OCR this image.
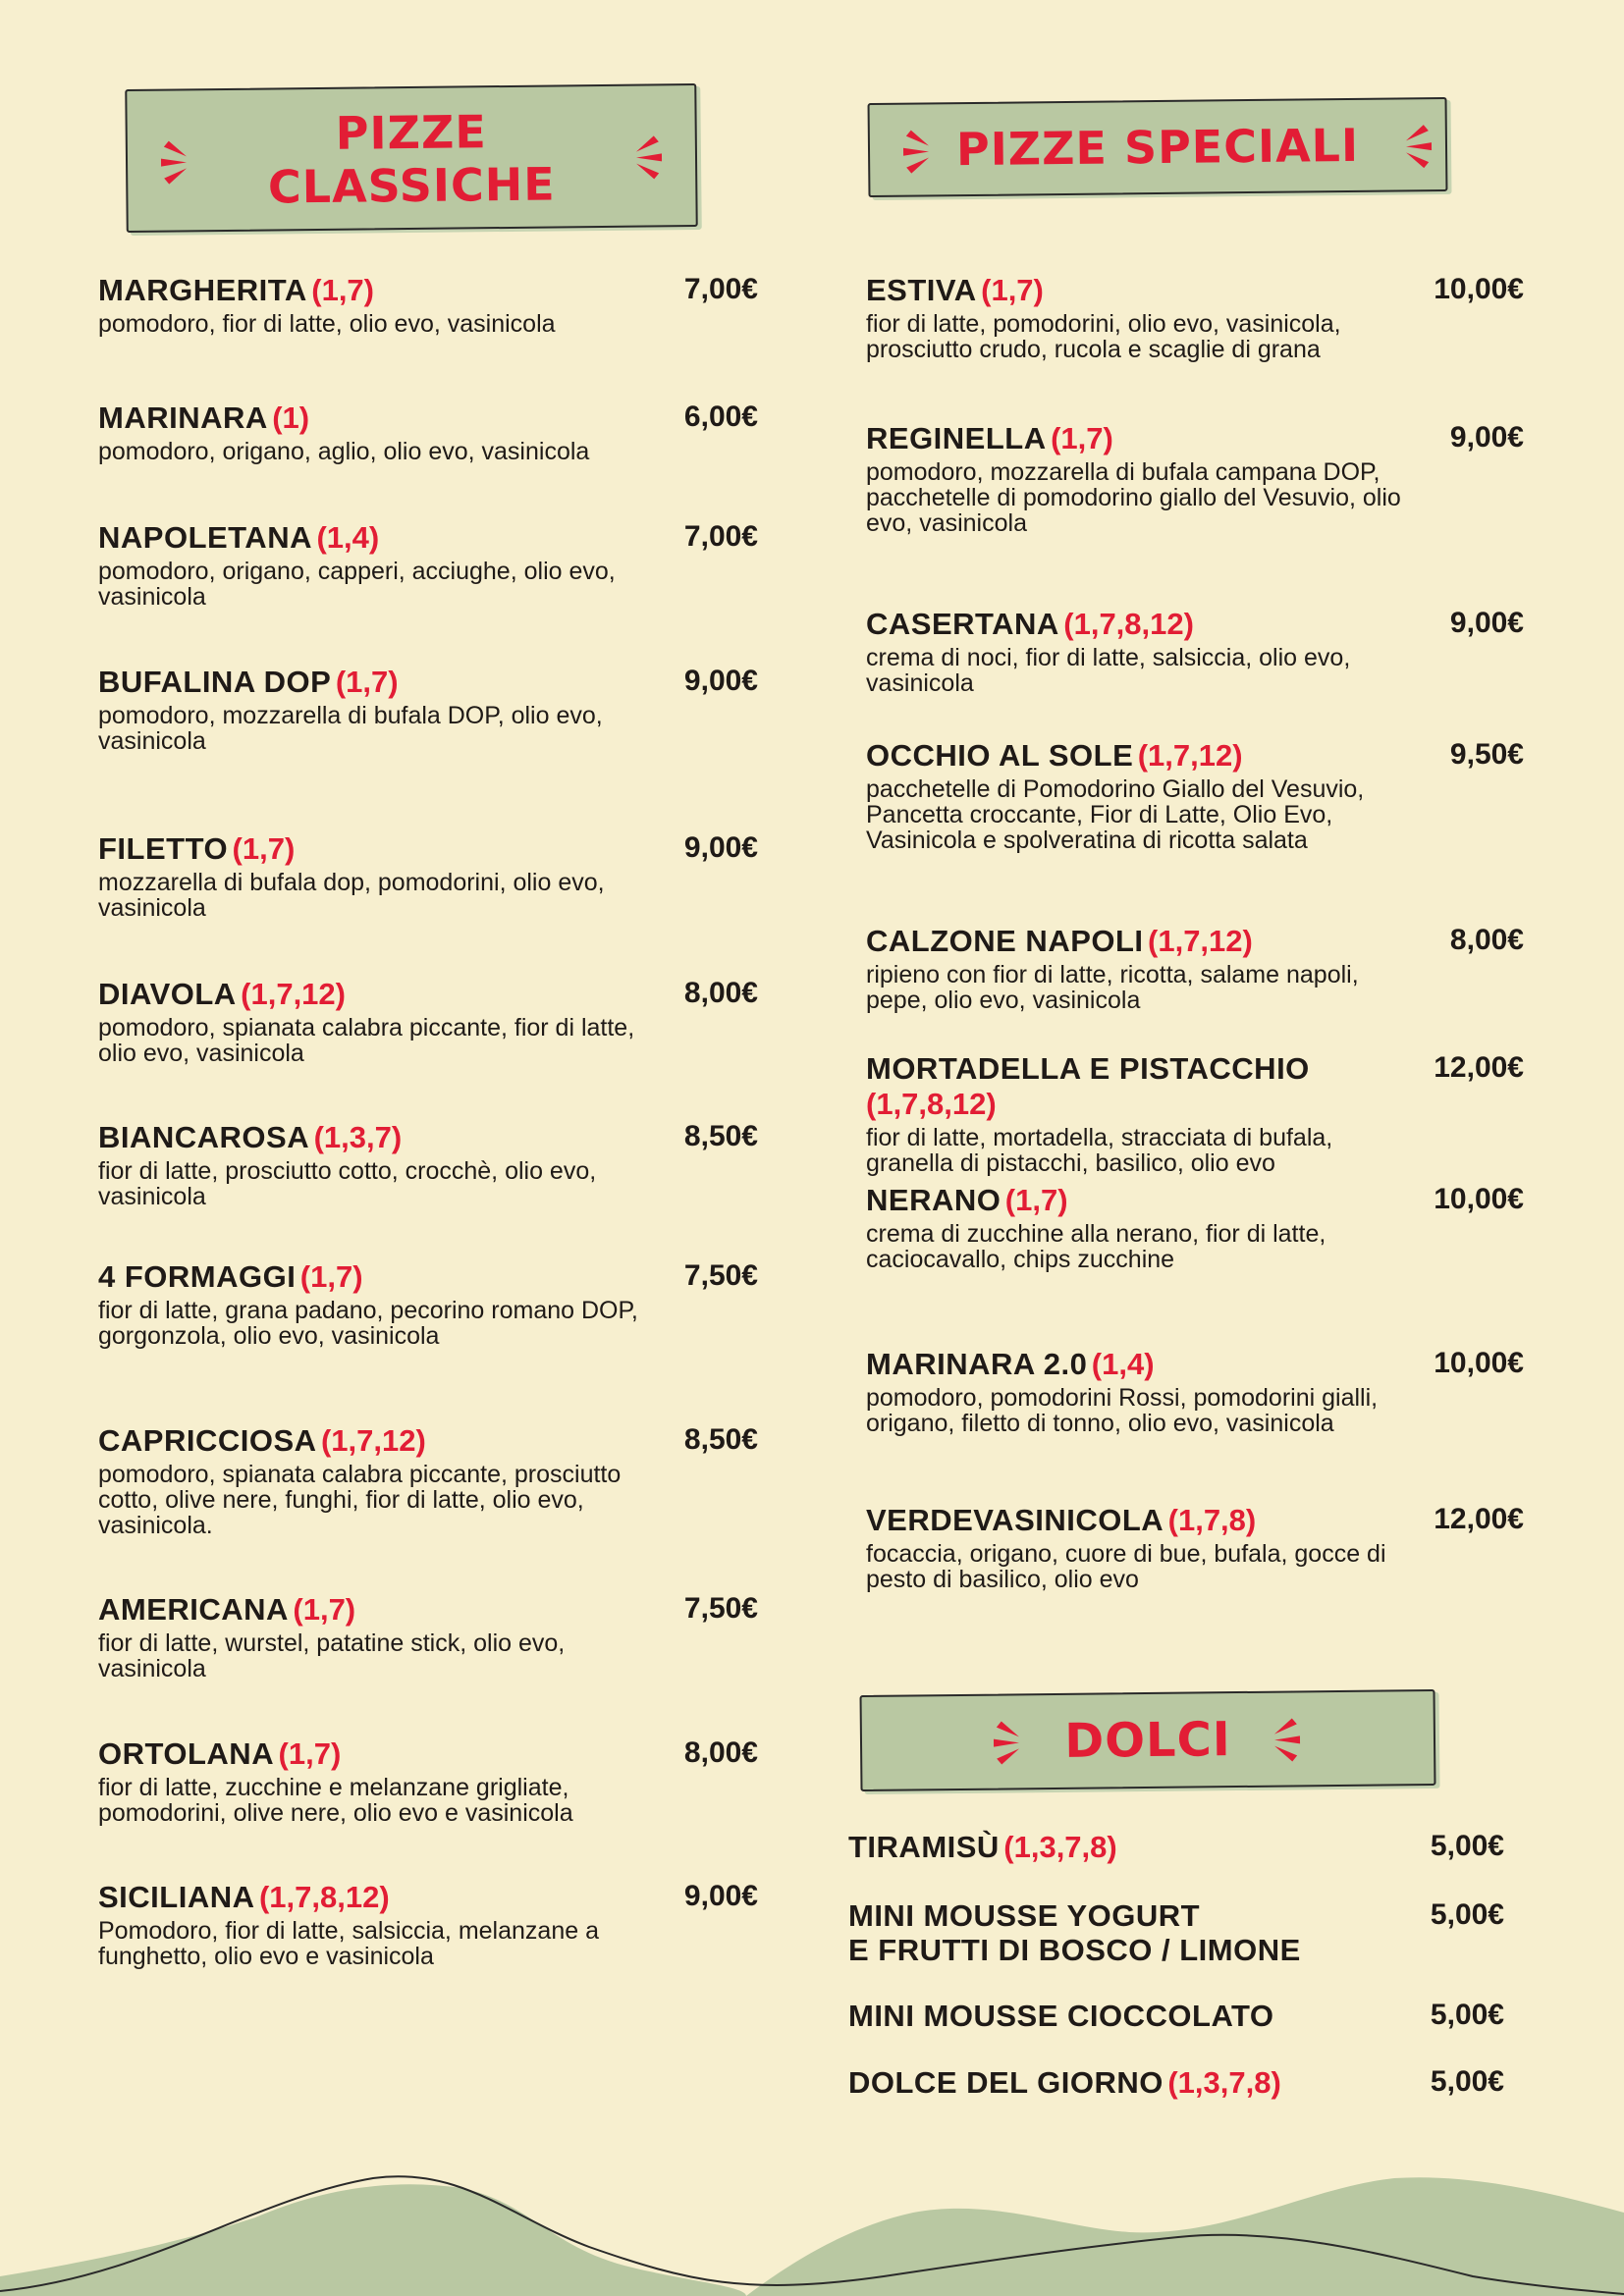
PIZZE
CLASSICHE
MARGHERITA (1,7)
pomodoro, fior di latte, olio evo, vasinicola
7,00€
MARINARA (1)
pomodoro, origano, aglio, olio evo, vasinicola
6,00€
NAPOLETANA (1,4)
pomodoro, origano, capperi, acciughe, olio evo, vasinicola
7,00€
BUFALINA DOP (1,7)
pomodoro, mozzarella di bufala DOP, olio evo, vasinicola
9,00€
FILETTO (1,7)
mozzarella di bufala dop, pomodorini, olio evo, vasinicola
9,00€
DIAVOLA (1,7,12)
pomodoro, spianata calabra piccante, fior di latte, olio evo, vasinicola
8,00€
BIANCAROSA (1,3,7)
fior di latte, prosciutto cotto, crocchè, olio evo, vasinicola
8,50€
4 FORMAGGI (1,7)
fior di latte, grana padano, pecorino romano DOP, gorgonzola, olio evo, vasinicola
7,50€
CAPRICCIOSA (1,7,12)
pomodoro, spianata calabra piccante, prosciutto cotto, olive nere, funghi, fior di latte, olio evo, vasinicola.
8,50€
AMERICANA (1,7)
fior di latte, wurstel, patatine stick, olio evo, vasinicola
7,50€
ORTOLANA (1,7)
fior di latte, zucchine e melanzane grigliate, pomodorini, olive nere, olio evo e vasinicola
8,00€
SICILIANA (1,7,8,12)
Pomodoro, fior di latte, salsiccia, melanzane a funghetto, olio evo e vasinicola
9,00€
PIZZE SPECIALI
ESTIVA (1,7)
fior di latte, pomodorini, olio evo, vasinicola, prosciutto crudo, rucola e scaglie di grana
10,00€
REGINELLA (1,7)
pomodoro, mozzarella di bufala campana DOP, pacchetelle di pomodorino giallo del Vesuvio, olio evo, vasinicola
9,00€
CASERTANA (1,7,8,12)
crema di noci, fior di latte, salsiccia, olio evo, vasinicola
9,00€
OCCHIO AL SOLE (1,7,12)
pacchetelle di Pomodorino Giallo del Vesuvio, Pancetta croccante, Fior di Latte, Olio Evo, Vasinicola e spolveratina di ricotta salata
9,50€
CALZONE NAPOLI (1,7,12)
ripieno con fior di latte, ricotta, salame napoli, pepe, olio evo, vasinicola
8,00€
MORTADELLA E PISTACCHIO (1,7,8,12)
fior di latte, mortadella, stracciata di bufala, granella di pistacchi, basilico, olio evo
12,00€
NERANO (1,7)
crema di zucchine alla nerano, fior di latte, caciocavallo, chips zucchine
10,00€
MARINARA 2.0 (1,4)
pomodoro, pomodorini Rossi, pomodorini gialli, origano, filetto di tonno, olio evo, vasinicola
10,00€
VERDEVASINICOLA (1,7,8)
focaccia, origano, cuore di bue, bufala, gocce di pesto di basilico, olio evo
12,00€
DOLCI
TIRAMISÙ (1,3,7,8)	5,00€
MINI MOUSSE YOGURT
E FRUTTI DI BOSCO / LIMONE
5,00€
MINI MOUSSE CIOCCOLATO	5,00€
DOLCE DEL GIORNO (1,3,7,8)	5,00€
